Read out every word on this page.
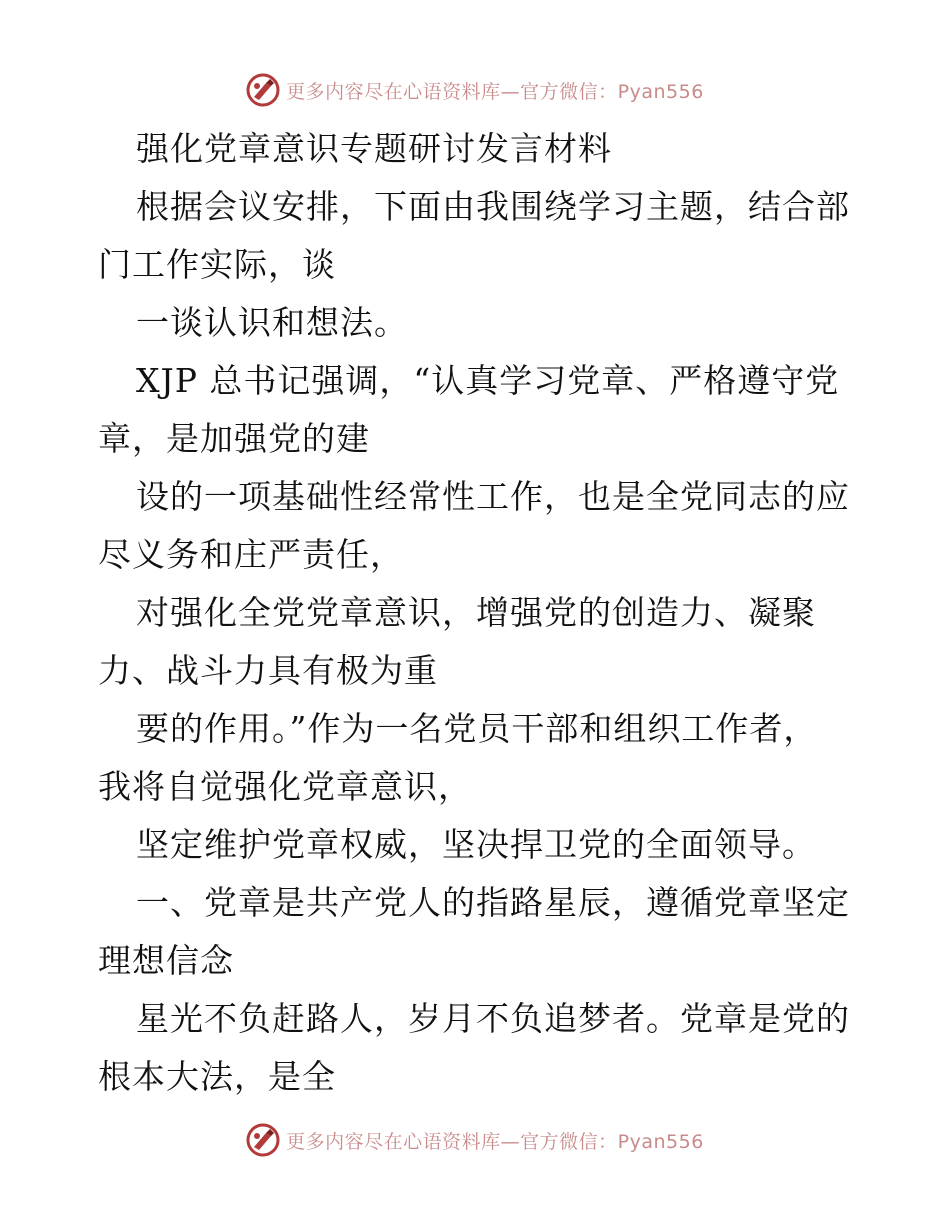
更多内容尽在心语资料库—官方微信：Pyan556
强化党章意识专题研讨发言材料
根据会议安排，下面由我围绕学习主题，结合部
门工作实际，谈
一谈认识和想法。
XJP 总书记强调，“认真学习党章、严格遵守党
章，是加强党的建
设的一项基础性经常性工作，也是全党同志的应
尽义务和庄严责任，
对强化全党党章意识，增强党的创造力、凝聚
力、战斗力具有极为重
要的作用。”作为一名党员干部和组织工作者，
我将自觉强化党章意识，
坚定维护党章权威，坚决捍卫党的全面领导。
一、党章是共产党人的指路星辰，遵循党章坚定
理想信念
星光不负赶路人，岁月不负追梦者。党章是党的
根本大法，是全
更多内容尽在心语资料库—官方微信：Pyan556
